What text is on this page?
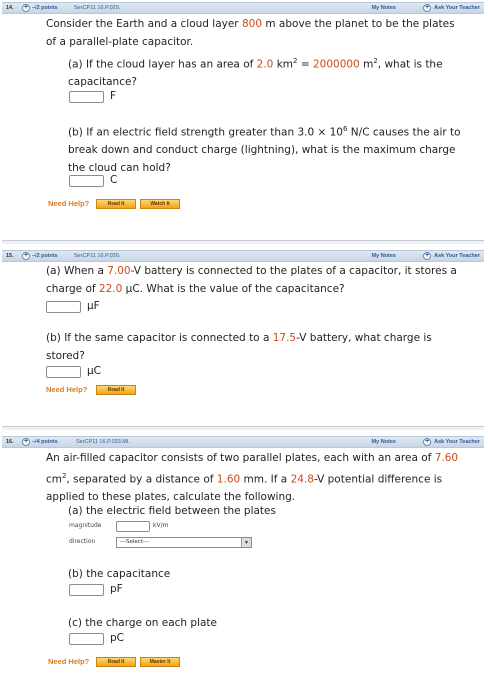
14. + –/2 points	SerCP11 16.P.029.	My Notes	+ Ask Your Teacher

Consider the Earth and a cloud layer 800 m above the planet to be the plates of a parallel-plate capacitor.

(a) If the cloud layer has an area of 2.0 $km^2 = 2000000$ $m^2$, what is the capacitance?

F

(b) If an electric field strength greater than $3.0 \times 10^6$ N/C causes the air to break down and conduct charge (lightning), what is the maximum charge the cloud can hold?

C
Need Help?	Read It	Watch It
15. + –/2 points	SerCP11 16.P.030.	My Notes	+ Ask Your Teacher

(a) When a 7.00-V battery is connected to the plates of a capacitor, it stores a charge of 22.0 µC. What is the value of the capacitance?

µF

(b) If the same capacitor is connected to a 17.5-V battery, what charge is stored?

µC
Need Help?	Read It
16. + –/4 points	SerCP11 16.P.033.MI.	My Notes	+ Ask Your Teacher

An air-filled capacitor consists of two parallel plates, each with an area of 7.60 $cm^2$, separated by a distance of 1.60 mm. If a 24.8-V potential difference is applied to these plates, calculate the following.

(a) the electric field between the plates

magnitude	kV/m
direction	---Select---	▾

(b) the capacitance

pF

(c) the charge on each plate

pC
Need Help?	Read It	Master It
